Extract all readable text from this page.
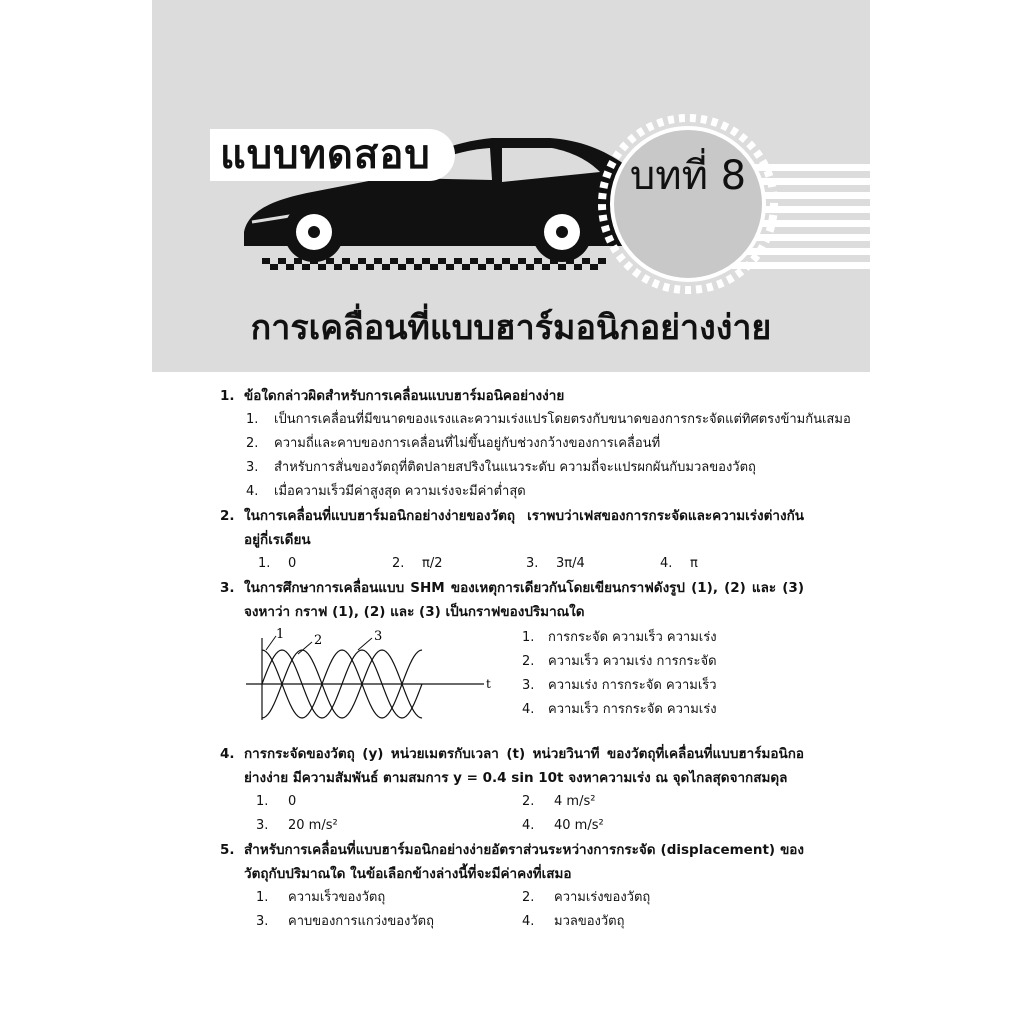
แบบทดสอบ	บทที่ 8
การเคลื่อนที่แบบฮาร์มอนิกอย่างง่าย
1. ข้อใดกล่าวผิดสำหรับการเคลื่อนแบบฮาร์มอนิคอย่างง่าย
1. เป็นการเคลื่อนที่มีขนาดของแรงและความเร่งแปรโดยตรงกับขนาดของการกระจัดแต่ทิศตรงข้ามกันเสมอ
2. ความถี่และคาบของการเคลื่อนที่ไม่ขึ้นอยู่กับช่วงกว้างของการเคลื่อนที่
3. สำหรับการสั่นของวัตถุที่ติดปลายสปริงในแนวระดับ ความถี่จะแปรผกผันกับมวลของวัตถุ
4. เมื่อความเร็วมีค่าสูงสุด ความเร่งจะมีค่าต่ำสุด
2. ในการเคลื่อนที่แบบฮาร์มอนิกอย่างง่ายของวัตถุ เราพบว่าเฟสของการกระจัดและความเร่งต่างกันอยู่กี่เรเดียน
1. 0	2. π/2	3. 3π/4	4. π
3. ในการศึกษาการเคลื่อนแบบ SHM ของเหตุการเดียวกันโดยเขียนกราฟดังรูป (1), (2) และ (3) จงหาว่า กราฟ (1), (2) และ (3) เป็นกราฟของปริมาณใด
1 2	3
t
1. การกระจัด ความเร็ว ความเร่ง
2. ความเร็ว ความเร่ง การกระจัด
3. ความเร่ง การกระจัด ความเร็ว
4. ความเร็ว การกระจัด ความเร่ง
4. การกระจัดของวัตถุ (y) หน่วยเมตรกับเวลา (t) หน่วยวินาที ของวัตถุที่เคลื่อนที่แบบฮาร์มอนิกอย่างง่าย มีความสัมพันธ์ ตามสมการ y = 0.4 sin 10t จงหาความเร่ง ณ จุดไกลสุดจากสมดุล
1. 0	2. 4 m/s²
3. 20 m/s²	4. 40 m/s²
5. สำหรับการเคลื่อนที่แบบฮาร์มอนิกอย่างง่ายอัตราส่วนระหว่างการกระจัด (displacement) ของวัตถุกับปริมาณใด ในข้อเลือกข้างล่างนี้ที่จะมีค่าคงที่เสมอ
1. ความเร็วของวัตถุ	2. ความเร่งของวัตถุ
3. คาบของการแกว่งของวัตถุ	4. มวลของวัตถุ
